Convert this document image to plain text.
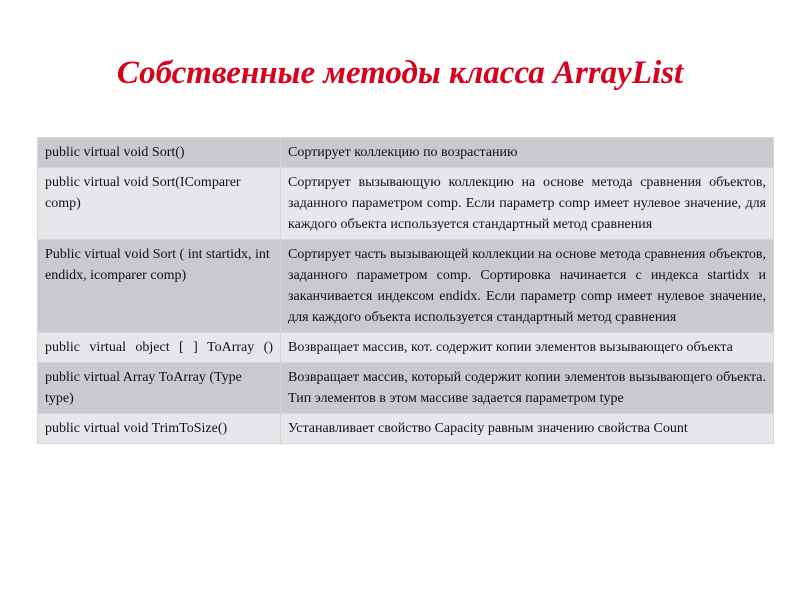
Собственные методы класса ArrayList
public virtual void Sort()	Сортирует коллекцию по возрастанию
public virtual void Sort(IComparer comp)	Сортирует вызывающую коллекцию на основе метода сравнения объектов, заданного параметром comp. Если параметр comp имеет нулевое значение, для каждого объекта используется стандартный метод сравнения
Public virtual void Sort ( int startidx, int endidx, icomparer comp)	Сортирует часть вызывающей коллекции на основе метода сравнения объектов, заданного параметром comp. Сортировка начинается с индекса startidx и заканчивается индексом endidx. Если параметр comp имеет нулевое значение, для каждого объекта используется стандартный метод сравнения
public virtual object [ ] ToArray ()	Возвращает массив, кот. содержит копии элементов вызывающего объекта
public virtual Array ToArray (Type type)	Возвращает массив, который содержит копии элементов вызывающего объекта. Тип элементов в этом массиве задается параметром type
public virtual void TrimToSize()	Устанавливает свойство Capacity равным значению свойства Count
